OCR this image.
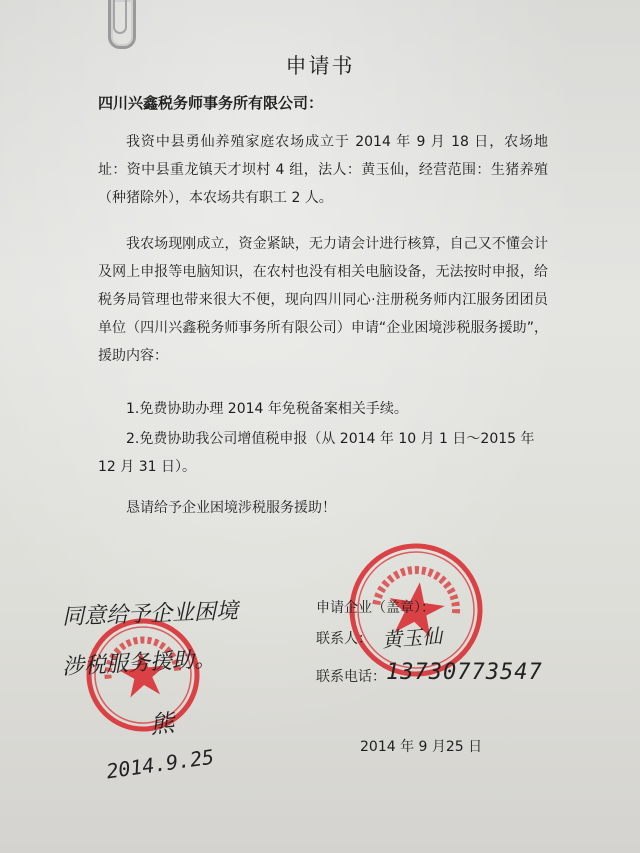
申请书
四川兴鑫税务师事务所有限公司：

我资中县勇仙养殖家庭农场成立于 2014 年 9 月 18 日，农场地址：资中县重龙镇天才坝村 4 组，法人：黄玉仙，经营范围：生猪养殖（种猪除外），本农场共有职工 2 人。

我农场现刚成立，资金紧缺，无力请会计进行核算，自己又不懂会计及网上申报等电脑知识，在农村也没有相关电脑设备，无法按时申报，给税务局管理也带来很大不便，现向四川同心·注册税务师内江服务团团员单位（四川兴鑫税务师事务所有限公司）申请“企业困境涉税服务援助”，援助内容：

1.免费协助办理 2014 年免税备案相关手续。

2.免费协助我公司增值税申报（从 2014 年 10 月 1 日～2015 年 12 月 31 日）。

恳请给予企业困境涉税服务援助！

申请企业（盖章）：
联系人： 黄玉仙
联系电话： 13730773547
2014 年 9 月25 日
同意给予企业困境
涉税服务援助。
熊
2014.9.25
